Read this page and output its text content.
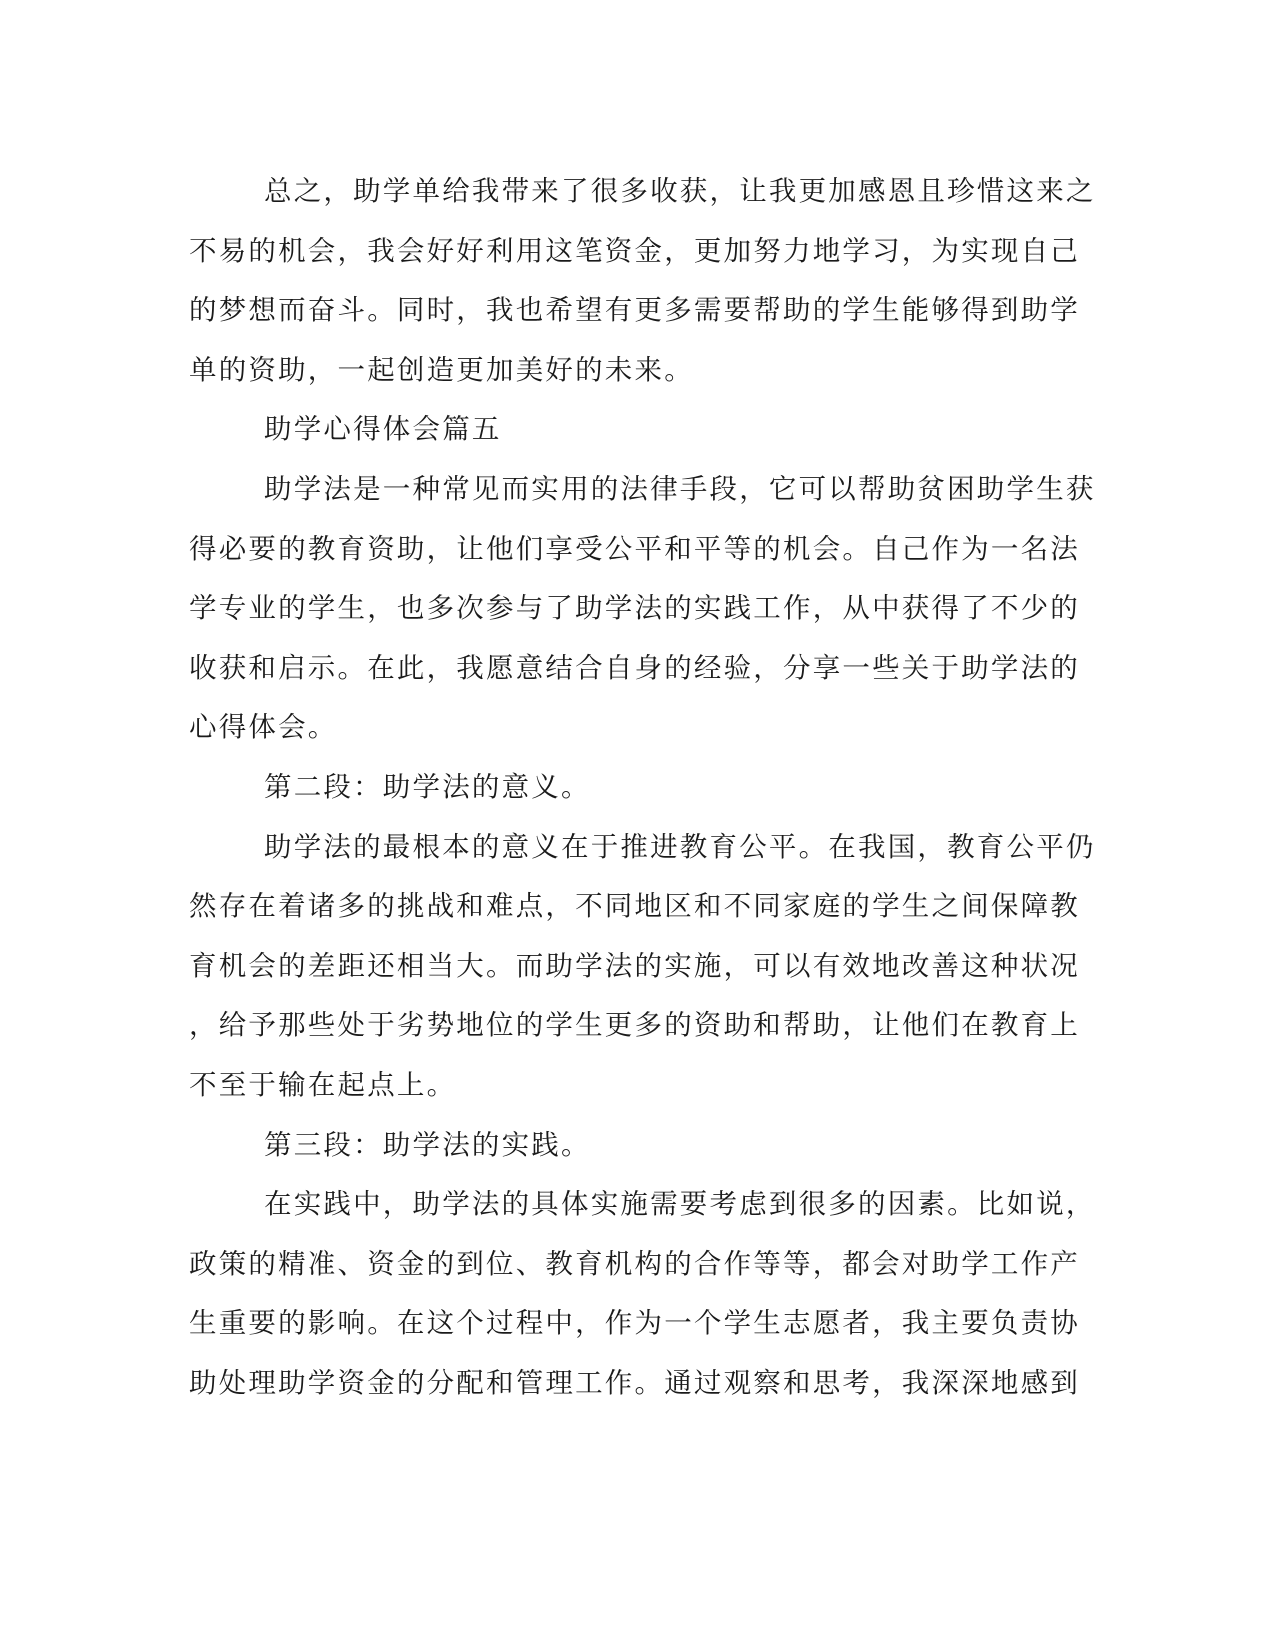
总之，助学单给我带来了很多收获，让我更加感恩且珍惜这来之
不易的机会，我会好好利用这笔资金，更加努力地学习，为实现自己
的梦想而奋斗。同时，我也希望有更多需要帮助的学生能够得到助学
单的资助，一起创造更加美好的未来。
助学心得体会篇五
助学法是一种常见而实用的法律手段，它可以帮助贫困助学生获
得必要的教育资助，让他们享受公平和平等的机会。自己作为一名法
学专业的学生，也多次参与了助学法的实践工作，从中获得了不少的
收获和启示。在此，我愿意结合自身的经验，分享一些关于助学法的
心得体会。
第二段：助学法的意义。
助学法的最根本的意义在于推进教育公平。在我国，教育公平仍
然存在着诸多的挑战和难点，不同地区和不同家庭的学生之间保障教
育机会的差距还相当大。而助学法的实施，可以有效地改善这种状况
，给予那些处于劣势地位的学生更多的资助和帮助，让他们在教育上
不至于输在起点上。
第三段：助学法的实践。
在实践中，助学法的具体实施需要考虑到很多的因素。比如说，
政策的精准、资金的到位、教育机构的合作等等，都会对助学工作产
生重要的影响。在这个过程中，作为一个学生志愿者，我主要负责协
助处理助学资金的分配和管理工作。通过观察和思考，我深深地感到
